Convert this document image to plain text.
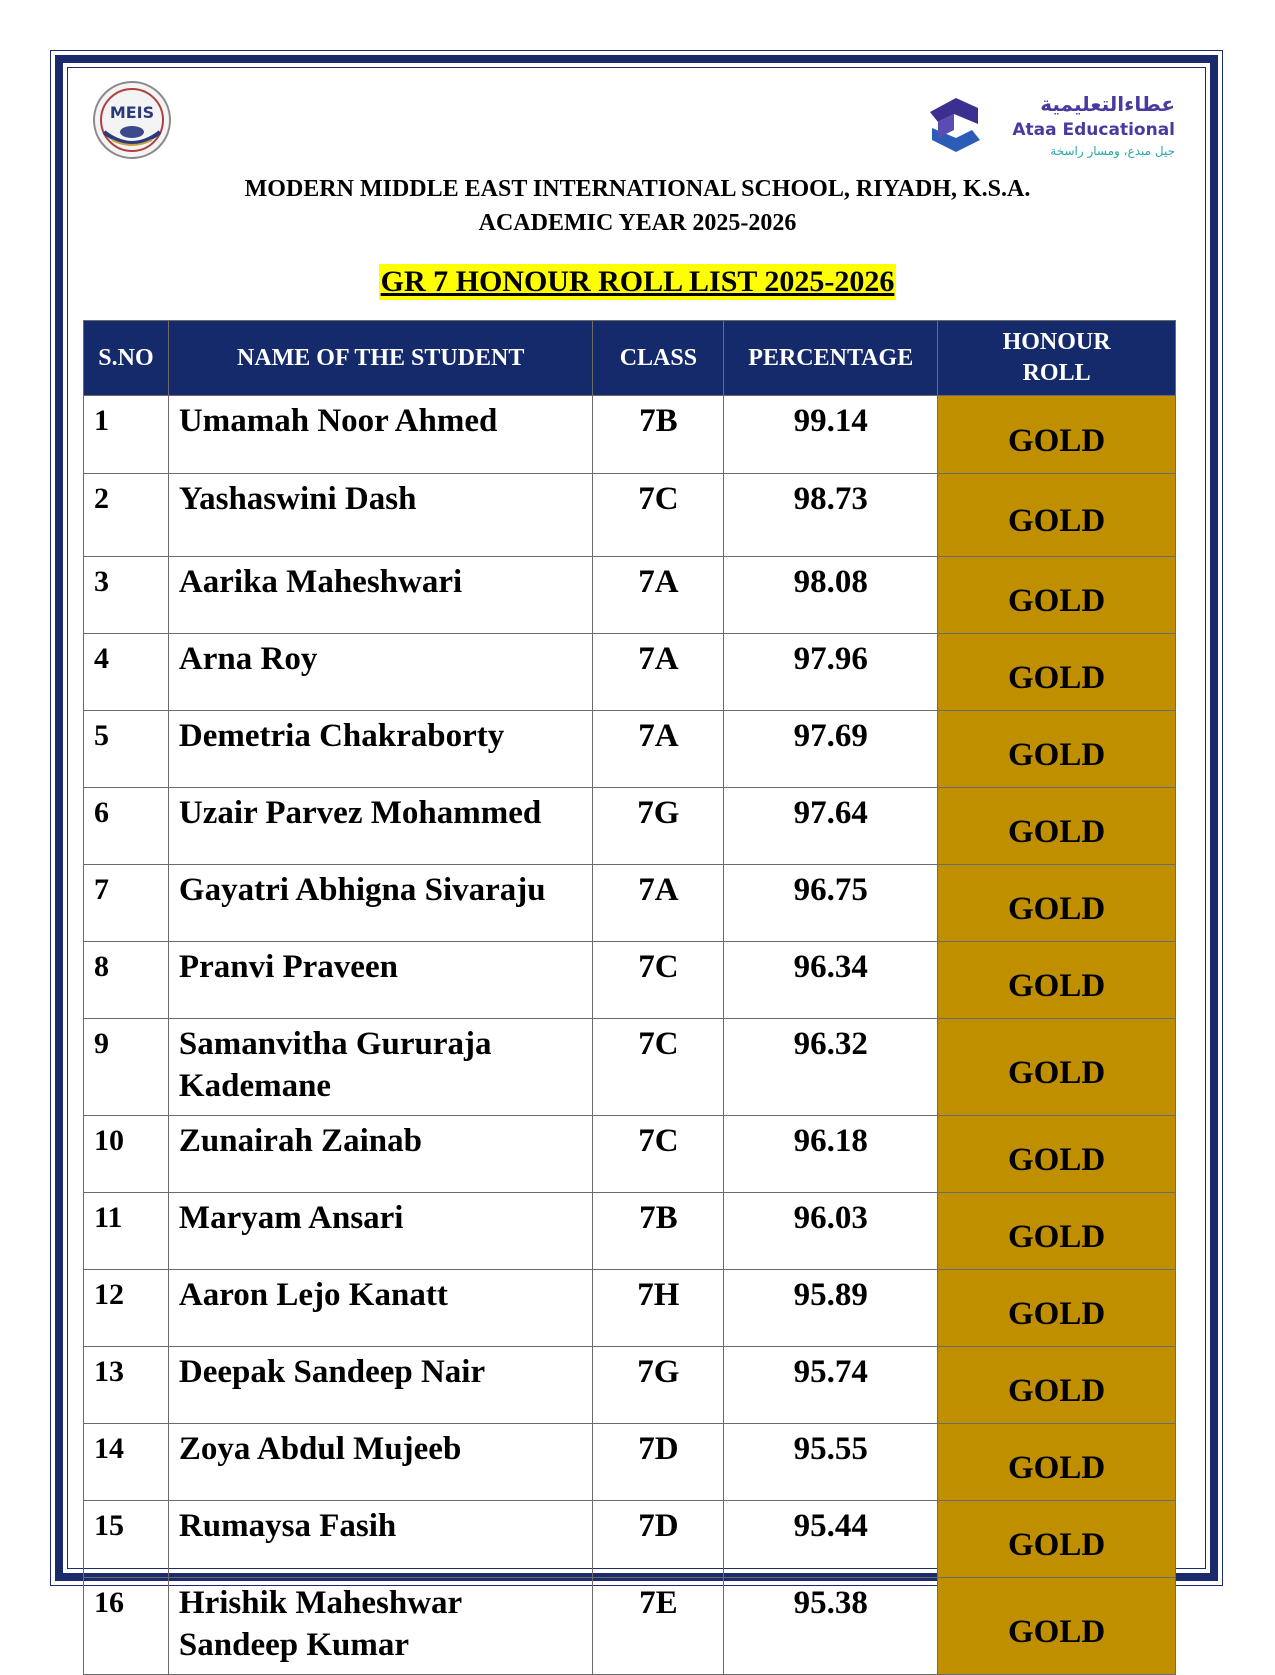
MEIS	عطاءالتعليمية
Ataa Educational
جيل مبدع، ومسار راسخة
MODERN MIDDLE EAST INTERNATIONAL SCHOOL, RIYADH, K.S.A.
ACADEMIC YEAR 2025-2026
GR 7 HONOUR ROLL LIST 2025-2026
S.NO	NAME OF THE STUDENT	CLASS	PERCENTAGE	HONOUR ROLL
1	Umamah Noor Ahmed	7B	99.14	GOLD
2	Yashaswini Dash	7C	98.73	GOLD
3	Aarika Maheshwari	7A	98.08	GOLD
4	Arna Roy	7A	97.96	GOLD
5	Demetria Chakraborty	7A	97.69	GOLD
6	Uzair Parvez Mohammed	7G	97.64	GOLD
7	Gayatri Abhigna Sivaraju	7A	96.75	GOLD
8	Pranvi Praveen	7C	96.34	GOLD
9	Samanvitha Gururaja Kademane	7C	96.32	GOLD
10	Zunairah Zainab	7C	96.18	GOLD
11	Maryam Ansari	7B	96.03	GOLD
12	Aaron Lejo Kanatt	7H	95.89	GOLD
13	Deepak Sandeep Nair	7G	95.74	GOLD
14	Zoya Abdul Mujeeb	7D	95.55	GOLD
15	Rumaysa Fasih	7D	95.44	GOLD
16	Hrishik Maheshwar Sandeep Kumar	7E	95.38	GOLD
